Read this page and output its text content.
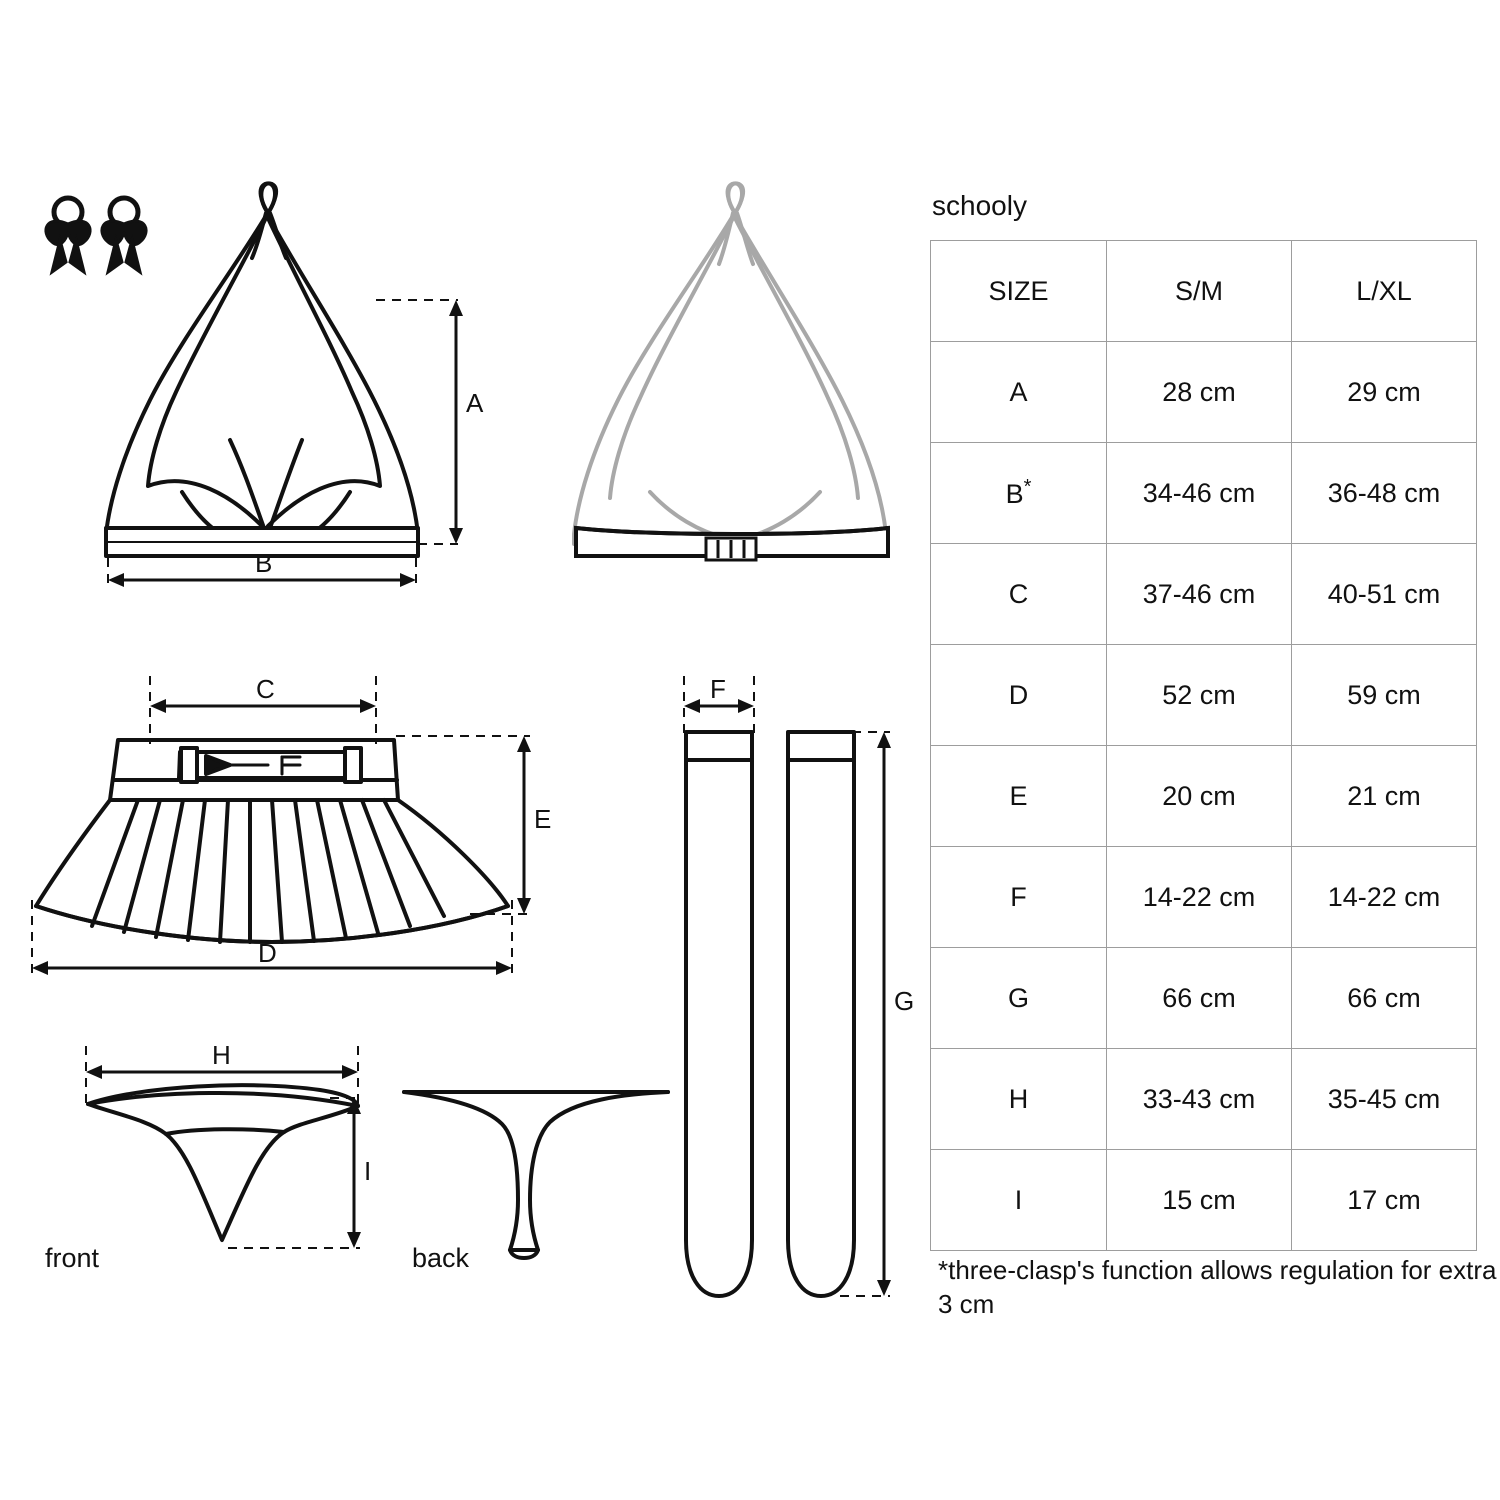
A
B
C
E
D
H
I
F
G
front	back
schooly
SIZE	S/M	L/XL
A	28 cm	29 cm
B*	34-46 cm	36-48 cm
C	37-46 cm	40-51 cm
D	52 cm	59 cm
E	20 cm	21 cm
F	14-22 cm	14-22 cm
G	66 cm	66 cm
H	33-43 cm	35-45 cm
I	15 cm	17 cm
*three-clasp's function allows regulation for extra 3 cm
